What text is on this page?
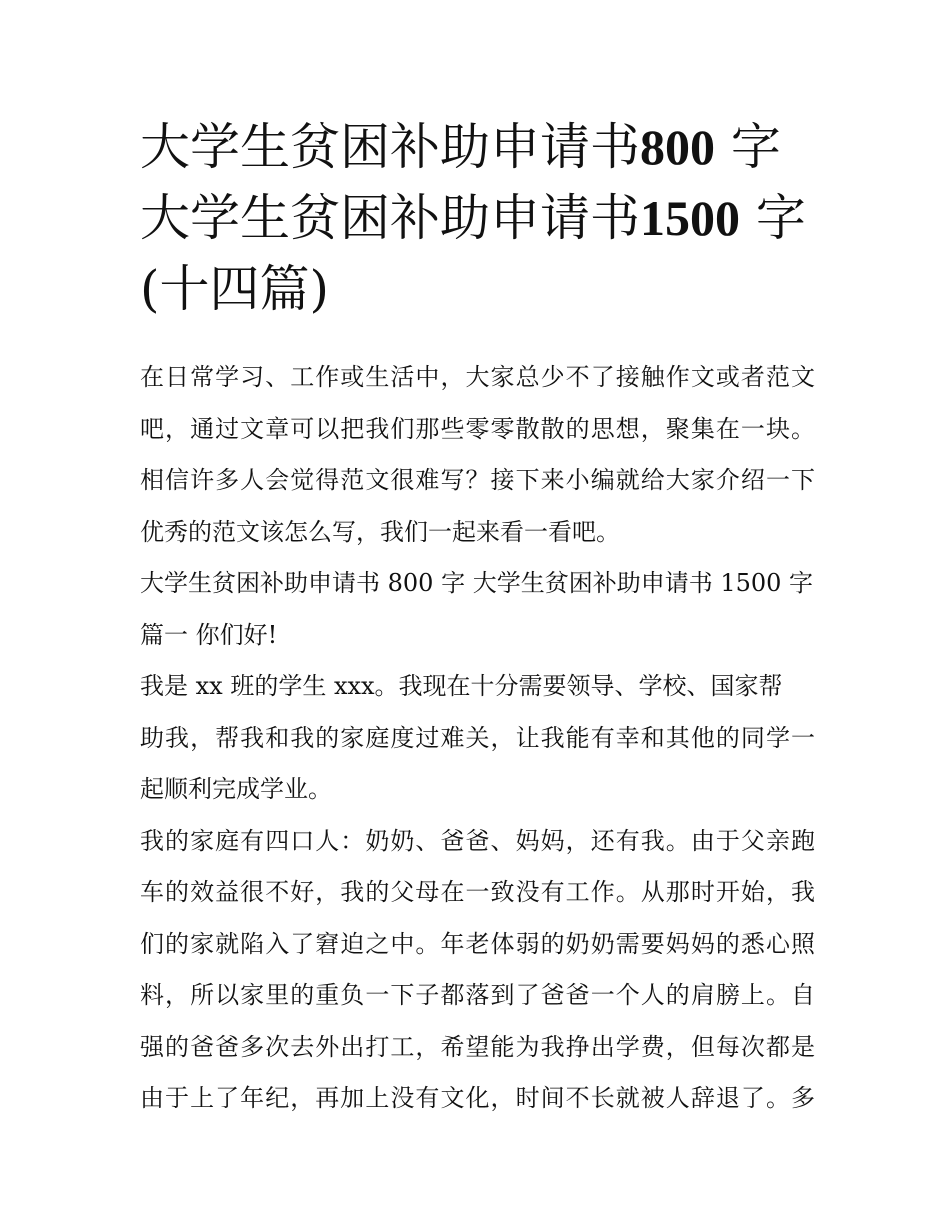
大学生贫困补助申请书800 字
大学生贫困补助申请书1500 字
(十四篇)
在日常学习、工作或生活中，大家总少不了接触作文或者范文
吧，通过文章可以把我们那些零零散散的思想，聚集在一块。
相信许多人会觉得范文很难写？接下来小编就给大家介绍一下
优秀的范文该怎么写，我们一起来看一看吧。
大学生贫困补助申请书 800 字 大学生贫困补助申请书 1500 字
篇一 你们好!
我是 xx 班的学生 xxx。我现在十分需要领导、学校、国家帮
助我，帮我和我的家庭度过难关，让我能有幸和其他的同学一
起顺利完成学业。
我的家庭有四口人：奶奶、爸爸、妈妈，还有我。由于父亲跑
车的效益很不好，我的父母在一致没有工作。从那时开始，我
们的家就陷入了窘迫之中。年老体弱的奶奶需要妈妈的悉心照
料，所以家里的重负一下子都落到了爸爸一个人的肩膀上。自
强的爸爸多次去外出打工，希望能为我挣出学费，但每次都是
由于上了年纪，再加上没有文化，时间不长就被人辞退了。多
